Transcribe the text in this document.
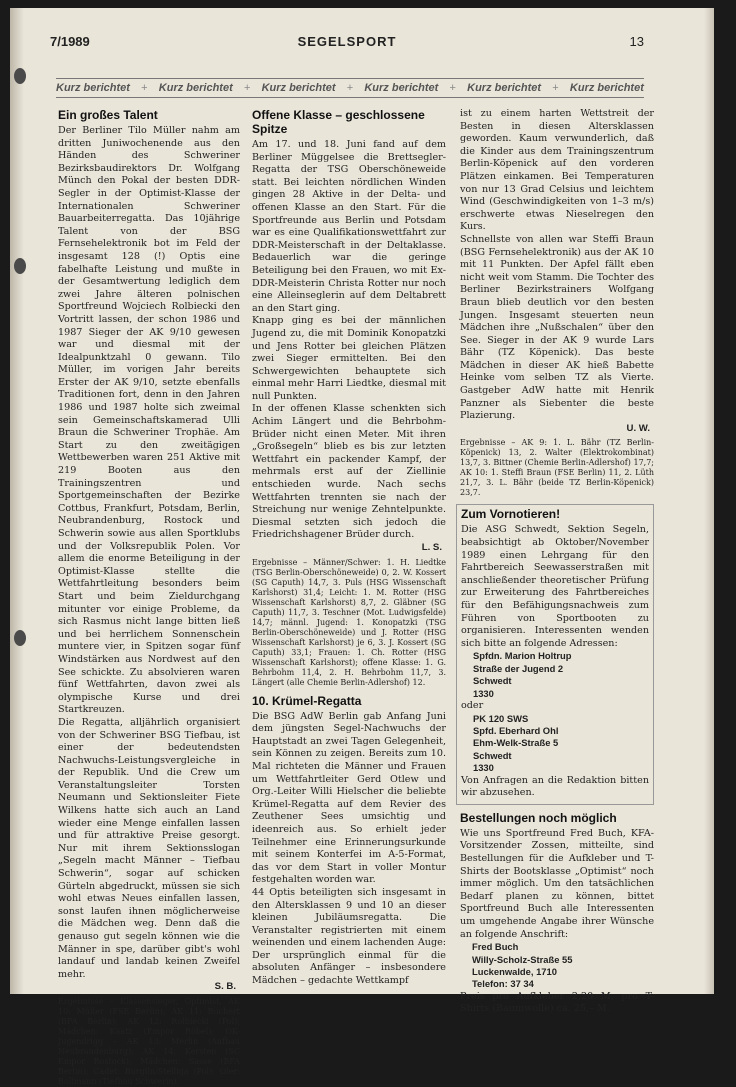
7/1989	SEGELSPORT	13
Kurz berichtet + Kurz berichtet + Kurz berichtet + Kurz berichtet + Kurz berichtet + Kurz berichtet
Ein großes Talent

Der Berliner Tilo Müller nahm am dritten Juniwochenende aus den Händen des Schweriner Bezirksbaudirektors Dr. Wolfgang Münch den Pokal der besten DDR-Segler in der Optimist-Klasse der Internationalen Schweriner Bauarbeiterregatta. Das 10jährige Talent von der BSG Fernsehelektronik bot im Feld der insgesamt 128 (!) Optis eine fabelhafte Leistung und mußte in der Gesamtwertung lediglich dem zwei Jahre älteren polnischen Sportfreund Wojciech Rolbiecki den Vortritt lassen, der schon 1986 und 1987 Sieger der AK 9/10 gewesen war und diesmal mit der Idealpunktzahl 0 gewann. Tilo Müller, im vorigen Jahr bereits Erster der AK 9/10, setzte ebenfalls Traditionen fort, denn in den Jahren 1986 und 1987 holte sich zweimal sein Gemeinschaftskamerad Ulli Braun die Schweriner Trophäe. Am Start zu den zweitägigen Wettbewerben waren 251 Aktive mit 219 Booten aus den Trainingszentren und Sportgemeinschaften der Bezirke Cottbus, Frankfurt, Potsdam, Berlin, Neubrandenburg, Rostock und Schwerin sowie aus allen Sportklubs und der Volksrepublik Polen. Vor allem die enorme Beteiligung in der Optimist-Klasse stellte die Wettfahrtleitung besonders beim Start und beim Zieldurchgang mitunter vor einige Probleme, da sich Rasmus nicht lange bitten ließ und bei herrlichem Sonnenschein muntere vier, in Spitzen sogar fünf Windstärken aus Nordwest auf den See schickte. Zu absolvieren waren fünf Wettfahrten, davon zwei als olympische Kurse und drei Startkreuzen.

Die Regatta, alljährlich organisiert von der Schweriner BSG Tiefbau, ist einer der bedeutendsten Nachwuchs-Leistungsvergleiche in der Republik. Und die Crew um Veranstaltungsleiter Torsten Neumann und Sektionsleiter Fiete Wilkens hatte sich auch an Land wieder eine Menge einfallen lassen und für attraktive Preise gesorgt. Nur mit ihrem Sektionsslogan „Segeln macht Männer – Tiefbau Schwerin“, sogar auf schicken Gürteln abgedruckt, müssen sie sich wohl etwas Neues einfallen lassen, sonst laufen ihnen möglicherweise die Mädchen weg. Denn daß die genauso gut segeln können wie die Männer in spe, darüber gibt's wohl landauf und landab keinen Zweifel mehr.

S. B.

Ergebnisse – Klassensieger, Optimist, AK 10: Müller (FSE Berlin); AK 11: Buchert (BFA Berlin); AK 12: Rolbiecki (Pol); Mädchen: Kaatz (Empor Röbel); OK-Jugendrigg – AK 13: Merlin (Aufbau Neubrandenburg); AK 14: Kersten (SC Empor Rostock); Mädchen: Sasse (BFA Berlin); Cadet: Burgiln/Stelliga (Pol); Oler: Bollmann (Tiefbau Schwerin).

Offene Klasse – geschlossene Spitze

Am 17. und 18. Juni fand auf dem Berliner Müggelsee die Brettsegler-Regatta der TSG Oberschöneweide statt. Bei leichten nördlichen Winden gingen 28 Aktive in der Delta- und offenen Klasse an den Start. Für die Sportfreunde aus Berlin und Potsdam war es eine Qualifikationswettfahrt zur DDR-Meisterschaft in der Deltaklasse. Bedauerlich war die geringe Beteiligung bei den Frauen, wo mit Ex-DDR-Meisterin Christa Rotter nur noch eine Alleinseglerin auf dem Deltabrett an den Start ging.

Knapp ging es bei der männlichen Jugend zu, die mit Dominik Konopatzki und Jens Rotter bei gleichen Plätzen zwei Sieger ermittelten. Bei den Schwergewichten behauptete sich einmal mehr Harri Liedtke, diesmal mit null Punkten.

In der offenen Klasse schenkten sich Achim Längert und die Behrbohm-Brüder nicht einen Meter. Mit ihren „Großsegeln“ blieb es bis zur letzten Wettfahrt ein packender Kampf, der mehrmals erst auf der Ziellinie entschieden wurde. Nach sechs Wettfahrten trennten sie nach der Streichung nur wenige Zehntelpunkte. Diesmal setzten sich jedoch die Friedrichshagener Brüder durch.

L. S.

Ergebnisse – Männer/Schwer: 1. H. Liedtke (TSG Berlin-Oberschöneweide) 0, 2. W. Kossert (SG Caputh) 14,7, 3. Puls (HSG Wissenschaft Karlshorst) 31,4; Leicht: 1. M. Rotter (HSG Wissenschaft Karlshorst) 8,7, 2. Gläbner (SG Caputh) 11,7, 3. Teschner (Mot. Ludwigsfelde) 14,7; männl. Jugend: 1. Konopatzki (TSG Berlin-Oberschöneweide) und J. Rotter (HSG Wissenschaft Karlshorst) je 6, 3. J. Kossert (SG Caputh) 33,1; Frauen: 1. Ch. Rotter (HSG Wissenschaft Karlshorst); offene Klasse: 1. G. Behrbohm 11,4, 2. H. Behrbohm 11,7, 3. Längert (alle Chemie Berlin-Adlershof) 12.

10. Krümel-Regatta

Die BSG AdW Berlin gab Anfang Juni dem jüngsten Segel-Nachwuchs der Hauptstadt an zwei Tagen Gelegenheit, sein Können zu zeigen. Bereits zum 10. Mal richteten die Männer und Frauen um Wettfahrtleiter Gerd Otlew und Org.-Leiter Willi Hielscher die beliebte Krümel-Regatta auf dem Revier des Zeuthener Sees umsichtig und ideenreich aus. So erhielt jeder Teilnehmer eine Erinnerungsurkunde mit seinem Konterfei im A-5-Format, das vor dem Start in voller Montur festgehalten worden war.

44 Optis beteiligten sich insgesamt in den Altersklassen 9 und 10 an dieser kleinen Jubiläumsregatta. Die Veranstalter registrierten mit einem weinenden und einem lachenden Auge: Der ursprünglich einmal für die absoluten Anfänger – insbesondere Mädchen – gedachte Wettkampf

ist zu einem harten Wettstreit der Besten in diesen Altersklassen geworden. Kaum verwunderlich, daß die Kinder aus dem Trainingszentrum Berlin-Köpenick auf den vorderen Plätzen einkamen. Bei Temperaturen von nur 13 Grad Celsius und leichtem Wind (Geschwindigkeiten von 1–3 m/s) erschwerte etwas Nieselregen den Kurs.

Schnellste von allen war Steffi Braun (BSG Fernsehelektronik) aus der AK 10 mit 11 Punkten. Der Apfel fällt eben nicht weit vom Stamm. Die Tochter des Berliner Bezirkstrainers Wolfgang Braun blieb deutlich vor den besten Jungen. Insgesamt steuerten neun Mädchen ihre „Nußschalen“ über den See. Sieger in der AK 9 wurde Lars Bähr (TZ Köpenick). Das beste Mädchen in dieser AK hieß Babette Heinke vom selben TZ als Vierte. Gastgeber AdW hatte mit Henrik Panzner als Siebenter die beste Plazierung.

U. W.

Ergebnisse – AK 9: 1. L. Bähr (TZ Berlin-Köpenick) 13, 2. Walter (Elektrokombinat) 13,7, 3. Bittner (Chemie Berlin-Adlershof) 17,7; AK 10: 1. Steffi Braun (FSE Berlin) 11, 2. Lüth 21,7, 3. L. Bähr (beide TZ Berlin-Köpenick) 23,7.

Zum Vornotieren!

Die ASG Schwedt, Sektion Segeln, beabsichtigt ab Oktober/November 1989 einen Lehrgang für den Fahrtbereich Seewasserstraßen mit anschließender theoretischer Prüfung zur Erweiterung des Fahrtbereiches für den Befähigungsnachweis zum Führen von Sportbooten zu organisieren. Interessenten wenden sich bitte an folgende Adressen:

Spfdn. Marion Holtrup
Straße der Jugend 2
Schwedt
1330

oder

PK 120 SWS
Spfd. Eberhard Ohl
Ehm-Welk-Straße 5
Schwedt
1330

Von Anfragen an die Redaktion bitten wir abzusehen.

Bestellungen noch möglich

Wie uns Sportfreund Fred Buch, KFA-Vorsitzender Zossen, mitteilte, sind Bestellungen für die Aufkleber und T-Shirts der Bootsklasse „Optimist“ noch immer möglich. Um den tatsächlichen Bedarf planen zu können, bittet Sportfreund Buch alle Interessenten um umgehende Angabe ihrer Wünsche an folgende Anschrift:

Fred Buch
Willy-Scholz-Straße 55
Luckenwalde, 1710
Telefon: 37 34

Preis pro Aufkleber 2,20 M, pro T-Shirts (Baumwolle) ca. 25,– M.
